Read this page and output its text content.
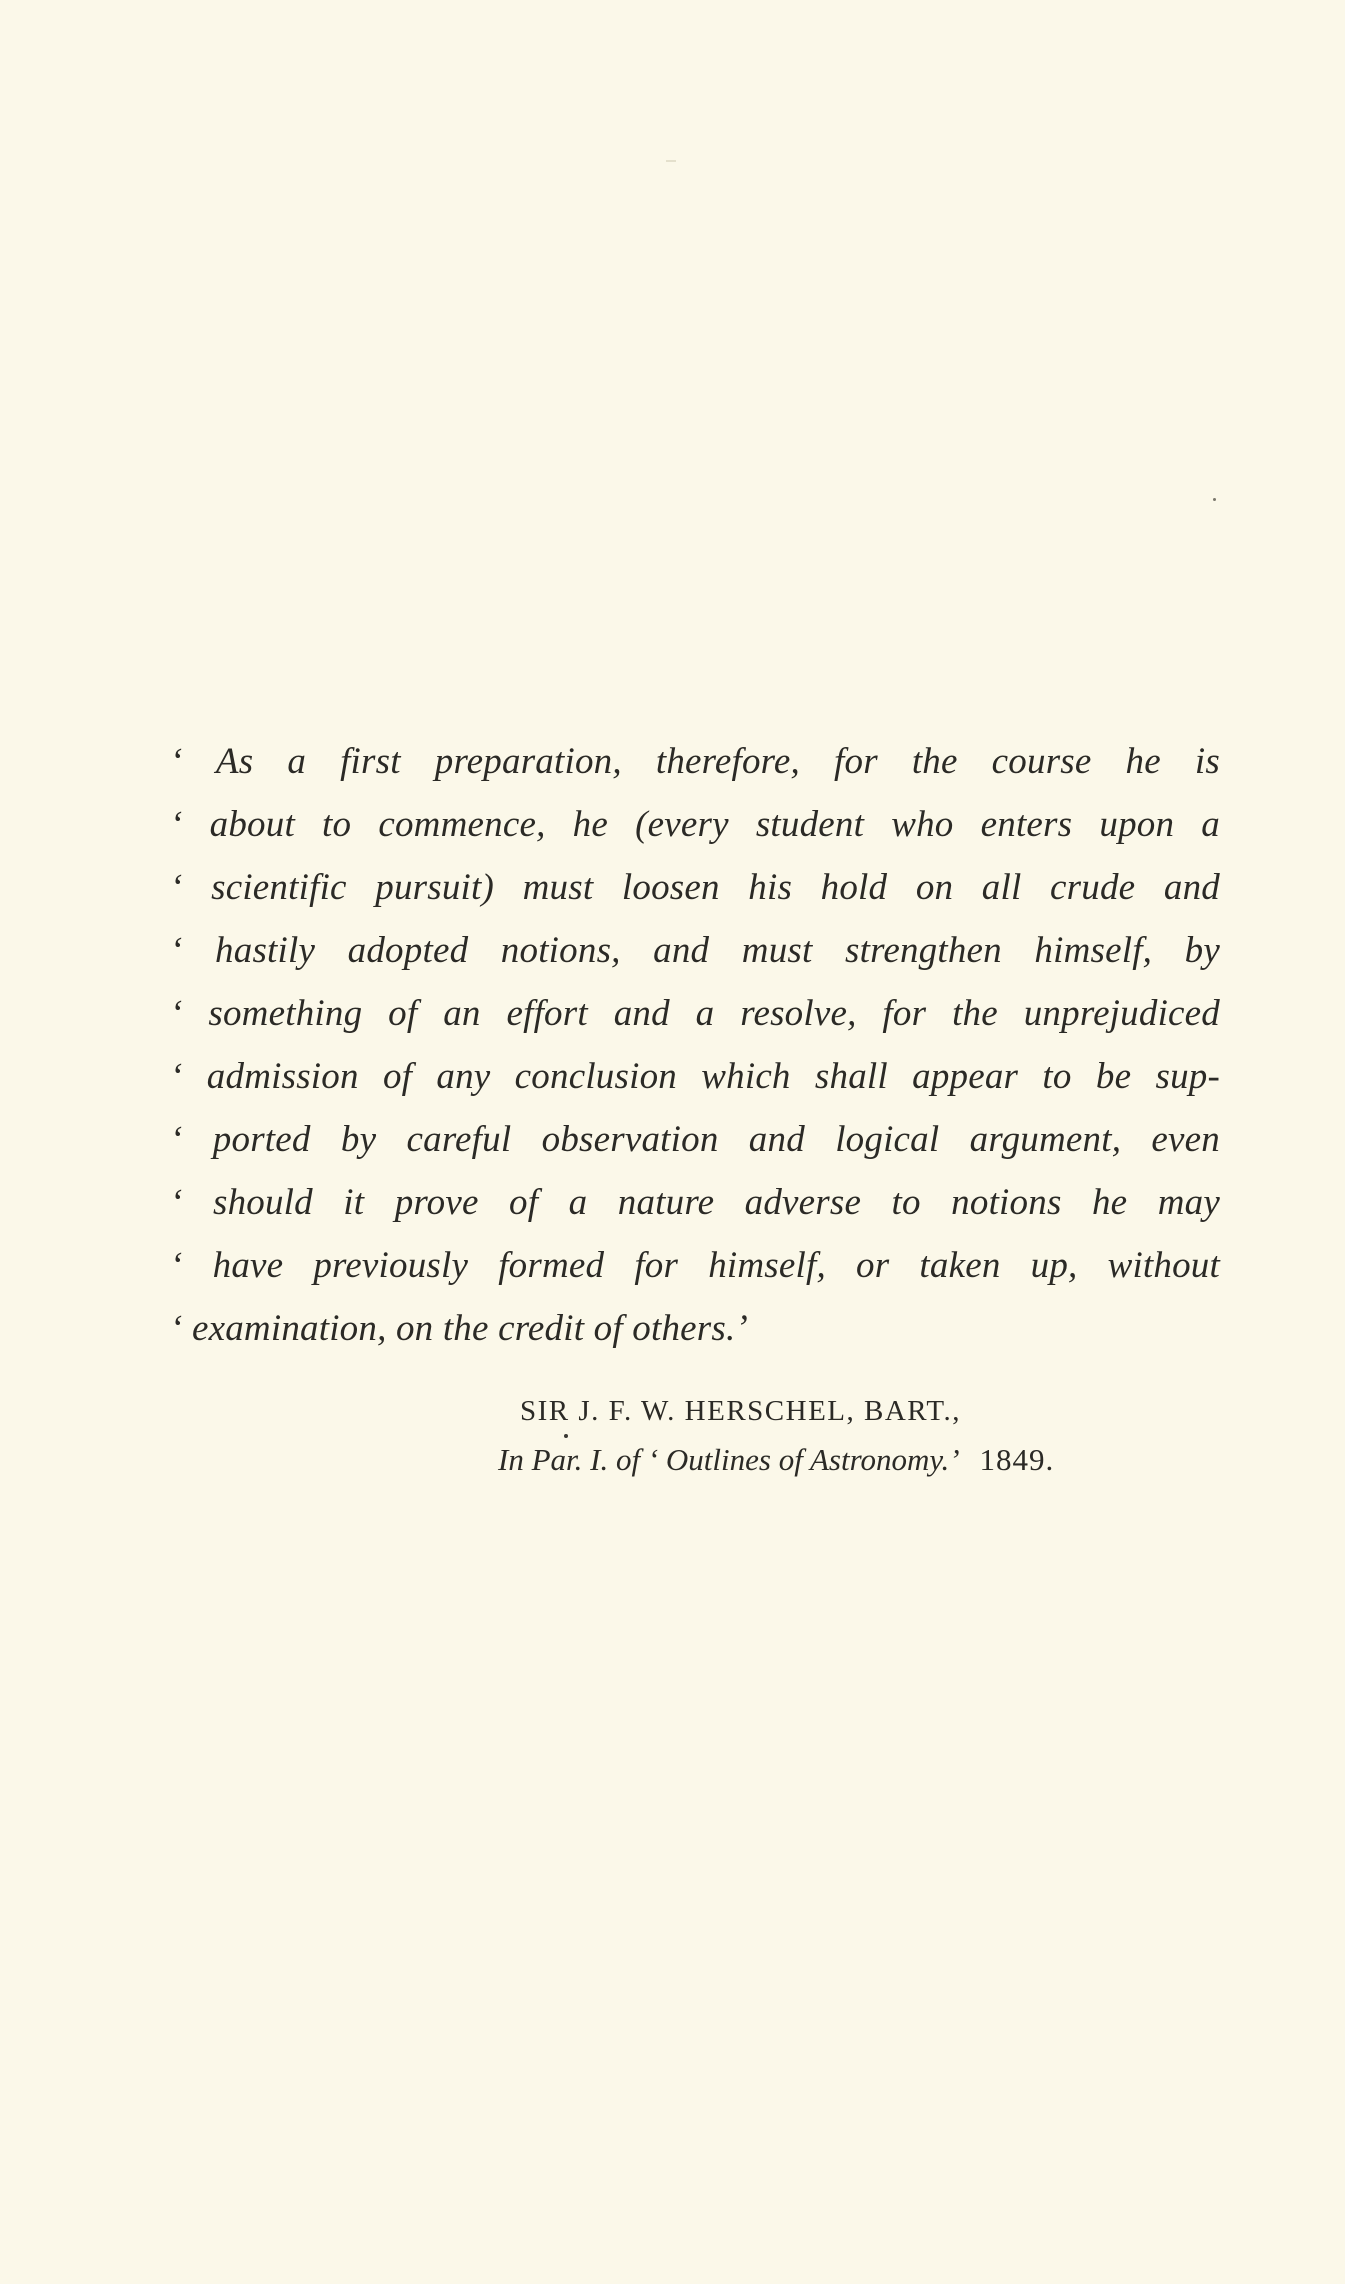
‘ As a first preparation, therefore, for the course he is
‘ about to commence, he (every student who enters upon a
‘ scientific pursuit) must loosen his hold on all crude and
‘ hastily adopted notions, and must strengthen himself, by
‘ something of an effort and a resolve, for the unprejudiced
‘ admission of any conclusion which shall appear to be sup-
‘ ported by careful observation and logical argument, even
‘ should it prove of a nature adverse to notions he may
‘ have previously formed for himself, or taken up, without
‘ examination, on the credit of others.’
SIR J. F. W. HERSCHEL, BART.,
In Par. I. of ‘ Outlines of Astronomy.’ 1849.
